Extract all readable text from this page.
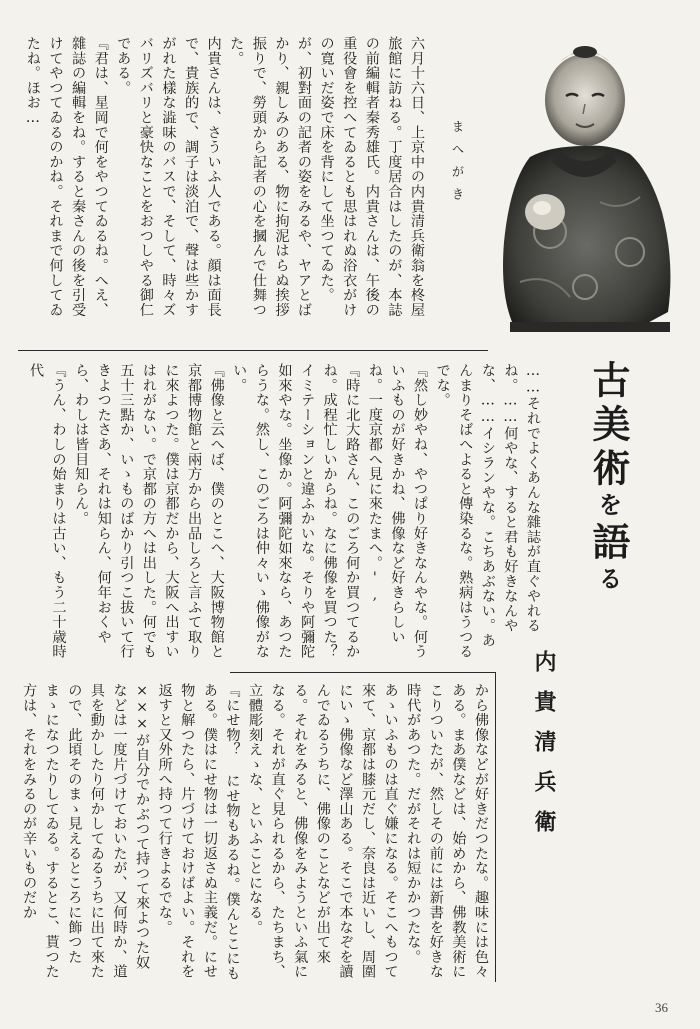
まへがき

六月十六日、上京中の内貴清兵衛翁を柊屋旅館に訪ねる。丁度居合はしたのが、本誌の前編輯者秦秀雄氏。内貴さんは、午後の重役會を控へてゐるとも思はれぬ浴衣がけの寛いだ姿で床を背にして坐つてゐた。が、初對面の記者の姿をみるや、ヤアとばかり、親しみのある、物に拘泥はらぬ挨拶振りで、勞頭から記者の心を摑んで仕舞つた。

内貴さんは、さういふ人である。顔は面長で、貴族的で、調子は淡泊で、聲は些かすがれた樣な澁味のバスで、そして、時々ズバリズバリと豪快なことをおつしやる御仁である。

『君は、星岡で何をやつてゐるね。へえ、雜誌の編輯をね。すると秦さんの後を引受けてやつてゐるのかね。それまで何してゐたね。ほお…

……それでよくあんな雜誌が直ぐやれるね。……何やな、すると君も好きなんやな、……イシランやな。こちあぶない。あんまりそばへよると傳染るな。熟病はうつるでな。

『然し妙やね、やつぱり好きなんやな。何ういふものが好きかね、佛像など好きらしいね。一度京都へ見に來たまへ。',

『時に北大路さん、このごろ何か買つてるかね。成程忙しいからね。なに佛像を買つた？イミテーションと違ふかいな。そりや阿彌陀如來やな。坐像か。阿彌陀如來なら、あつたらうな。然し、このごろは仲々いゝ佛像がない。

『佛像と云へば、僕のとこへ、大阪博物館と京都博物館と兩方から出品しろと言ふて取りに來よつた。僕は京都だから、大阪へ出すいはれがない。で京都の方へは出した。何でも五十三點か、いゝものばかり引つこ拔いて行きよつたさあ、それは知らん、何年おくやら、わしは皆目知らん。

『うん、わしの始まりは古い、もう二十歳時代	古美術を語る
内貴清兵衛

から佛像などが好きだつたな。趣味には色々ある。まあ僕などは、始めから、佛教美術にこりついたが、然しその前には新書を好きな時代があつた。だがそれは短かかつたな。あゝいふものは直ぐ嫌になる。そこへもつて來て、京都は膝元だし、奈良は近いし、周圍にいゝ佛像など澤山ある。そこで本なぞを讀んでゐるうちに、佛像のことなどが出て來る。それをみると、佛像をみようといふ氣になる。それが直ぐ見られるから、たちまち、立體彫刻えゝな、といふことになる。

『にせ物？ にせ物もあるね。僕んとこにもある。僕はにせ物は一切返さぬ主義だ。にせ物と解つたら、片づけておけばよい。それを返すと又外所へ持つて行きよるでな。×××が自分でかぶつて持つて來よつた奴などは一度片づけておいたが、又何時か、道具を動かしたり何かしてゐるうちに出て來たので、此頃そのまゝ見えるところに飾つたまゝになつたりしてゐる。するとこ、貰つた方は、それをみるのが辛いものだか

36
